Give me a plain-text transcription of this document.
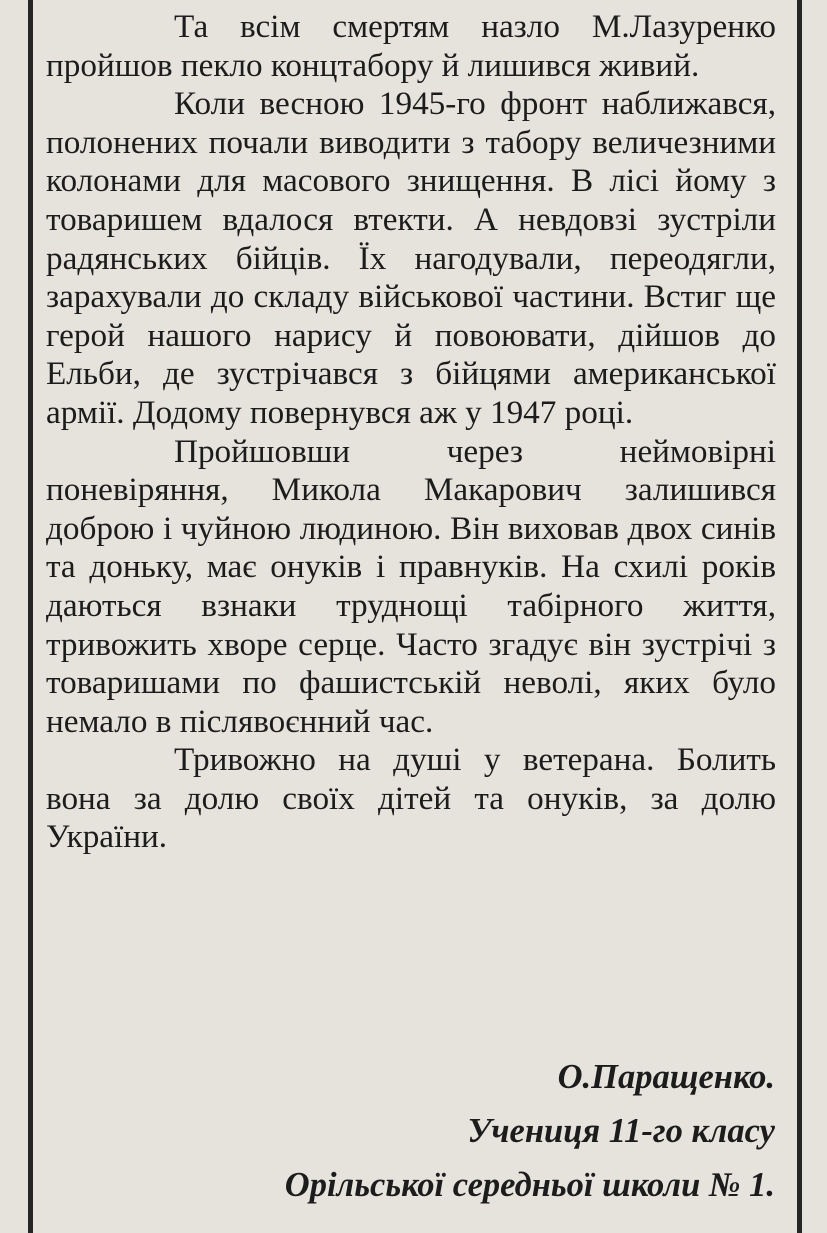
Та всім смертям назло М.Лазуренко пройшов пекло концтабору й лишився живий.

Коли весною 1945-го фронт наближався, полонених почали виводити з табору величезними колонами для масового знищення. В лісі йому з товаришем вдалося втекти. А невдовзі зустріли радянських бійців. Їх нагодували, переодягли, зарахували до складу військової частини. Встиг ще герой нашого нарису й повоювати, дійшов до Ельби, де зустрічався з бійцями американської армії. Додому повернувся аж у 1947 році.

Пройшовши через неймовірні поневіряння, Микола Макарович залишився доброю і чуйною людиною. Він виховав двох синів та доньку, має онуків і правнуків. На схилі років даються взнаки труднощі табірного життя, тривожить хворе серце. Часто згадує він зустрічі з товаришами по фашистській неволі, яких було немало в післявоєнний час.

Тривожно на душі у ветерана. Болить вона за долю своїх дітей та онуків, за долю України.

О.Паращенко.
Учениця 11-го класу
Орільської середньої школи № 1.
